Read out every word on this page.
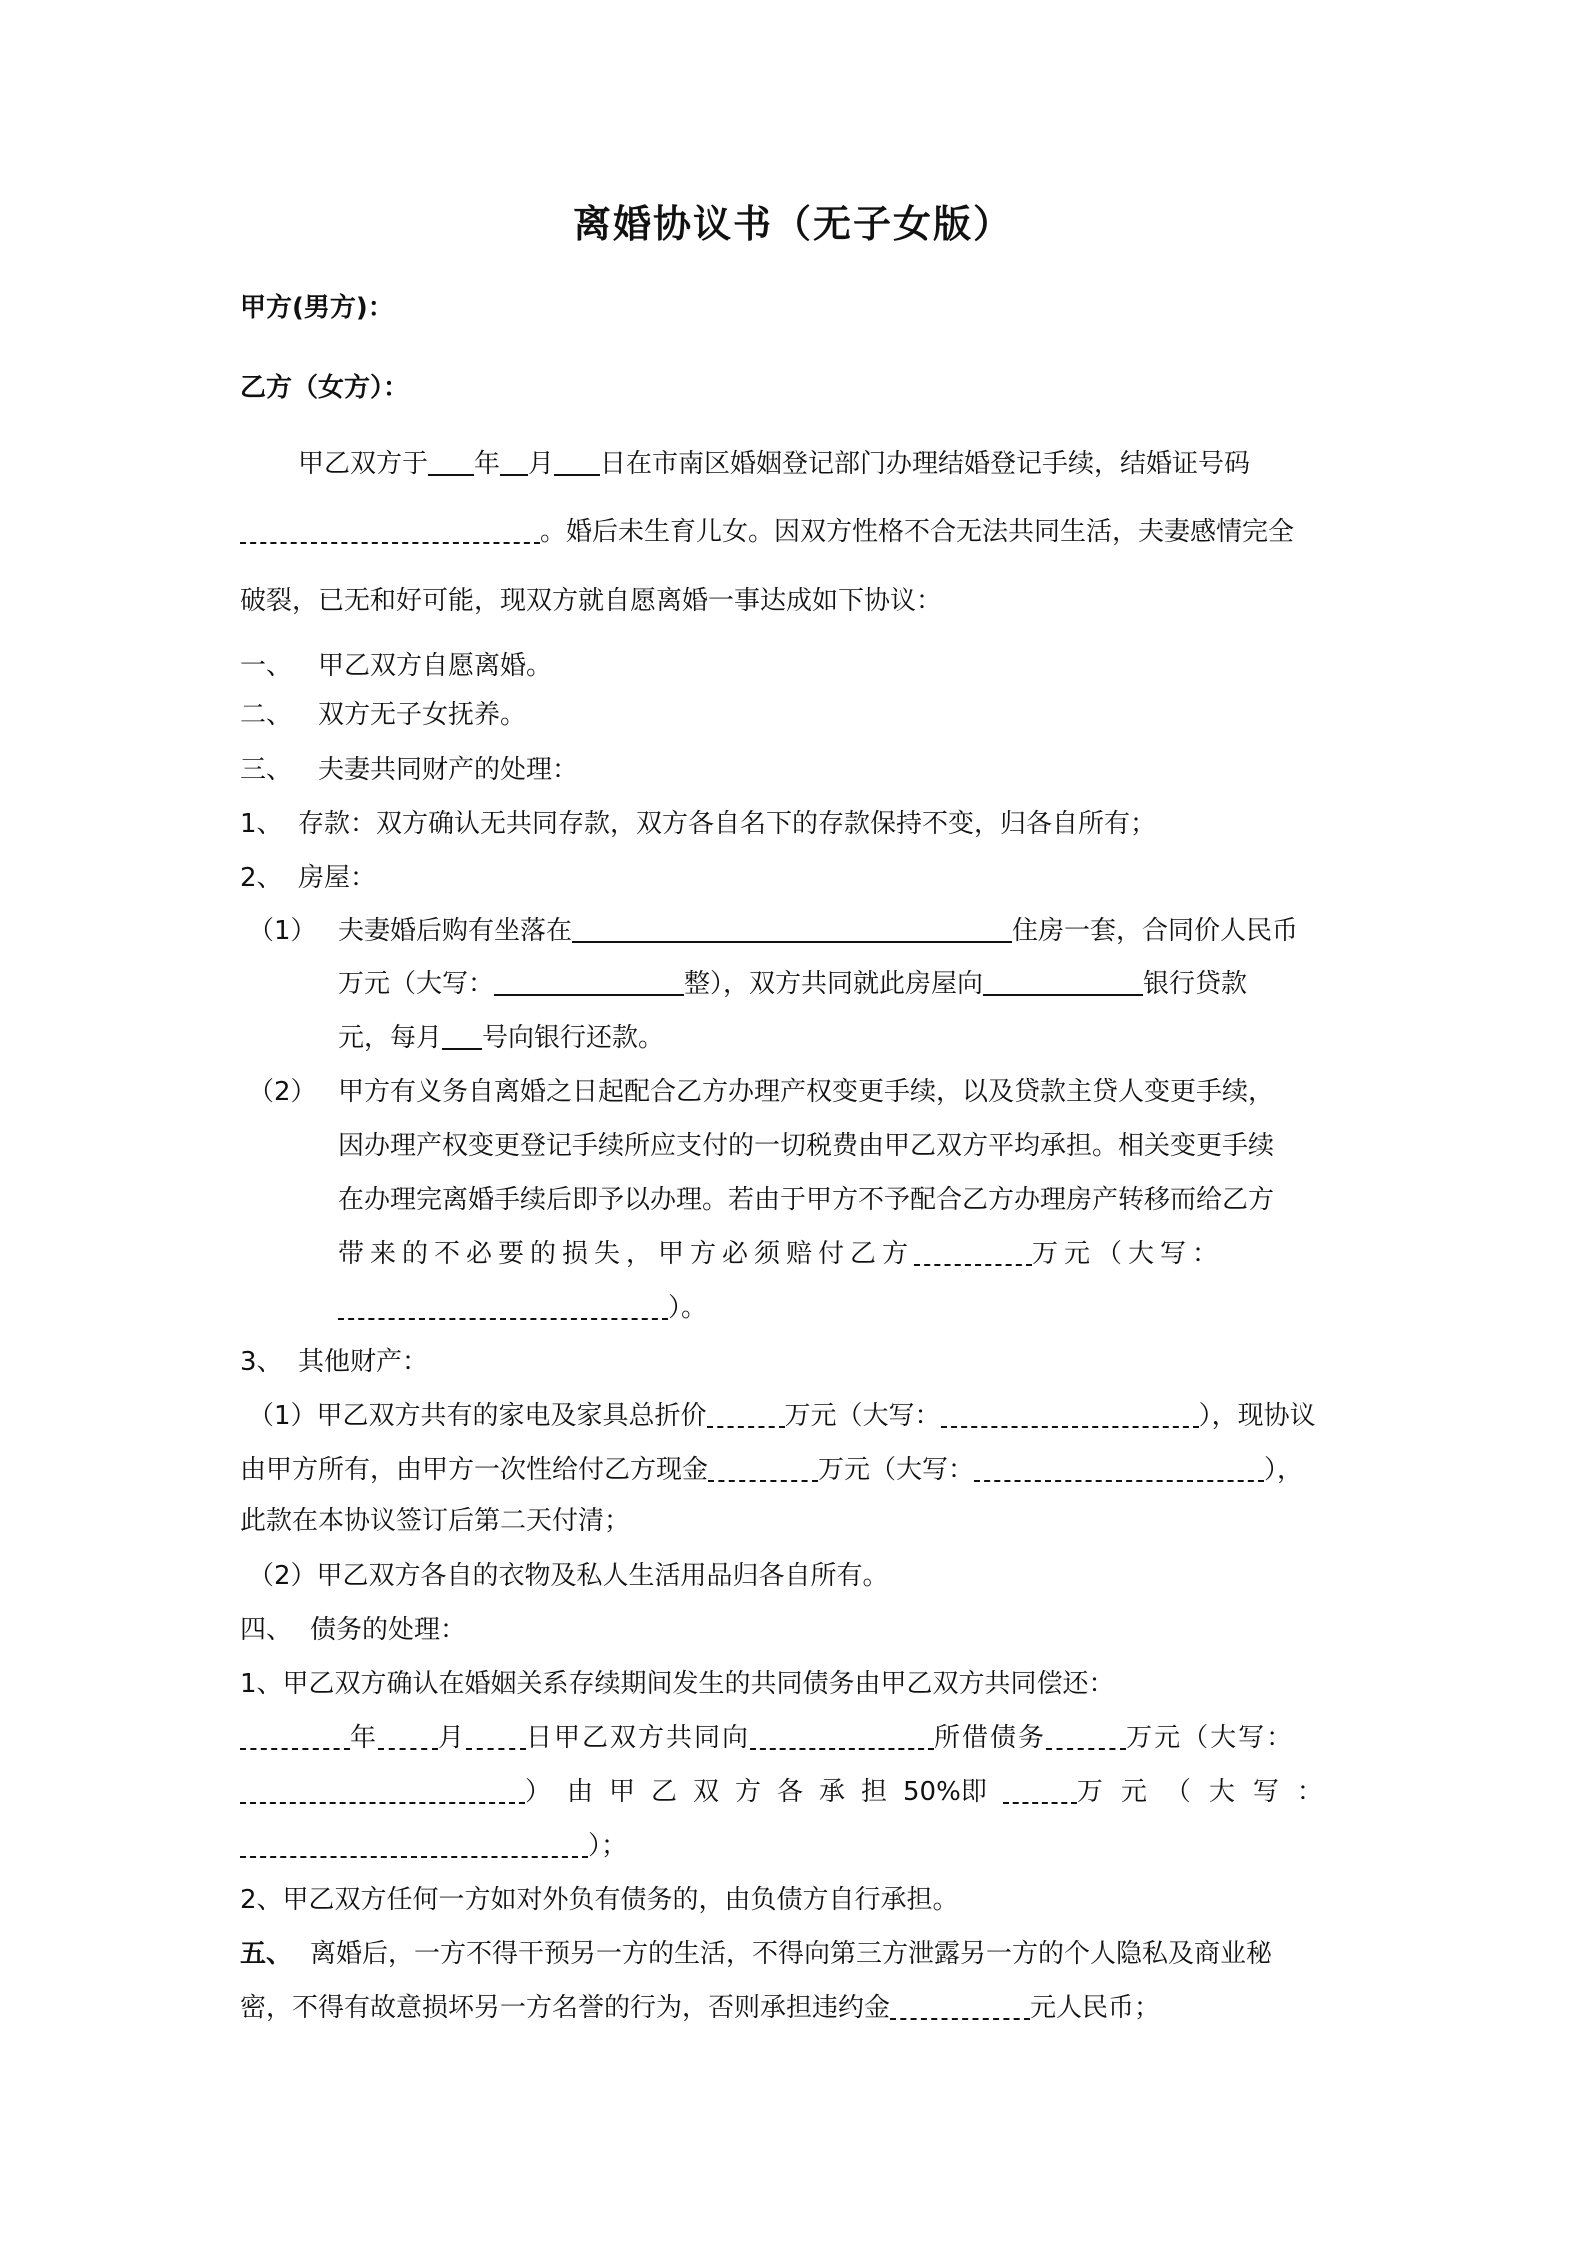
离婚协议书（无子女版）
甲方(男方)：
乙方（女方）：
甲乙双方于 年 月 日在市南区婚姻登记部门办理结婚登记手续，结婚证号码
。婚后未生育儿女。因双方性格不合无法共同生活，夫妻感情完全
破裂，已无和好可能，现双方就自愿离婚一事达成如下协议：
一、 甲乙双方自愿离婚。
二、 双方无子女抚养。
三、 夫妻共同财产的处理：
1、 存款：双方确认无共同存款，双方各自名下的存款保持不变，归各自所有；
2、 房屋：
（1） 夫妻婚后购有坐落在	住房一套，合同价人民币
万元（大写：	整），双方共同就此房屋向	银行贷款
元，每月 号向银行还款。
（2） 甲方有义务自离婚之日起配合乙方办理产权变更手续，以及贷款主贷人变更手续，
因办理产权变更登记手续所应支付的一切税费由甲乙双方平均承担。相关变更手续
在办理完离婚手续后即予以办理。若由于甲方不予配合乙方办理房产转移而给乙方
带来的不必要的损失，甲方必须赔付乙方	万元（大写：
）。
3、 其他财产：
（1）甲乙双方共有的家电及家具总折价	万元（大写：	），现协议
由甲方所有，由甲方一次性给付乙方现金	万元（大写：	），
此款在本协议签订后第二天付清；
（2）甲乙双方各自的衣物及私人生活用品归各自所有。
四、 债务的处理：
1、甲乙双方确认在婚姻关系存续期间发生的共同债务由甲乙双方共同偿还：
年 月 日甲乙双方共同向	所借债务	万元（大写：
）由甲乙双方各承担50%即	万元（大写：
）；
2、甲乙双方任何一方如对外负有债务的，由负债方自行承担。
五、 离婚后，一方不得干预另一方的生活，不得向第三方泄露另一方的个人隐私及商业秘
密，不得有故意损坏另一方名誉的行为，否则承担违约金	元人民币；
